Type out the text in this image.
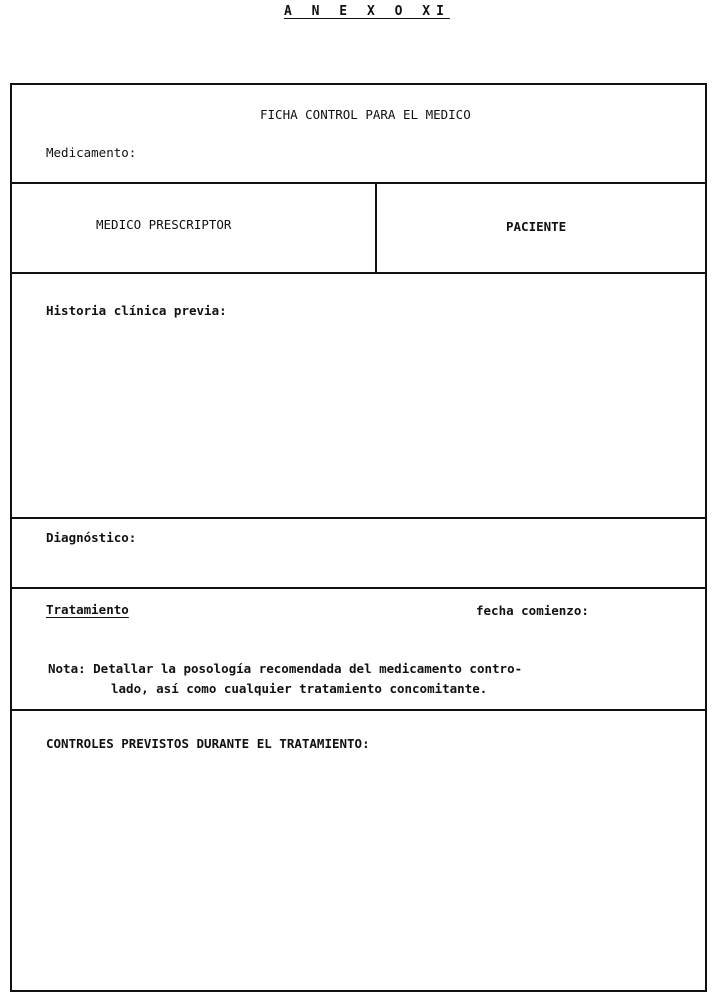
A N E X O XI
FICHA CONTROL PARA EL MEDICO
Medicamento:
MEDICO PRESCRIPTOR	PACIENTE
Historia clínica previa:
Diagnóstico:
Tratamiento	fecha comienzo:
Nota: Detallar la posología recomendada del medicamento contro-
lado, así como cualquier tratamiento concomitante.
CONTROLES PREVISTOS DURANTE EL TRATAMIENTO:
